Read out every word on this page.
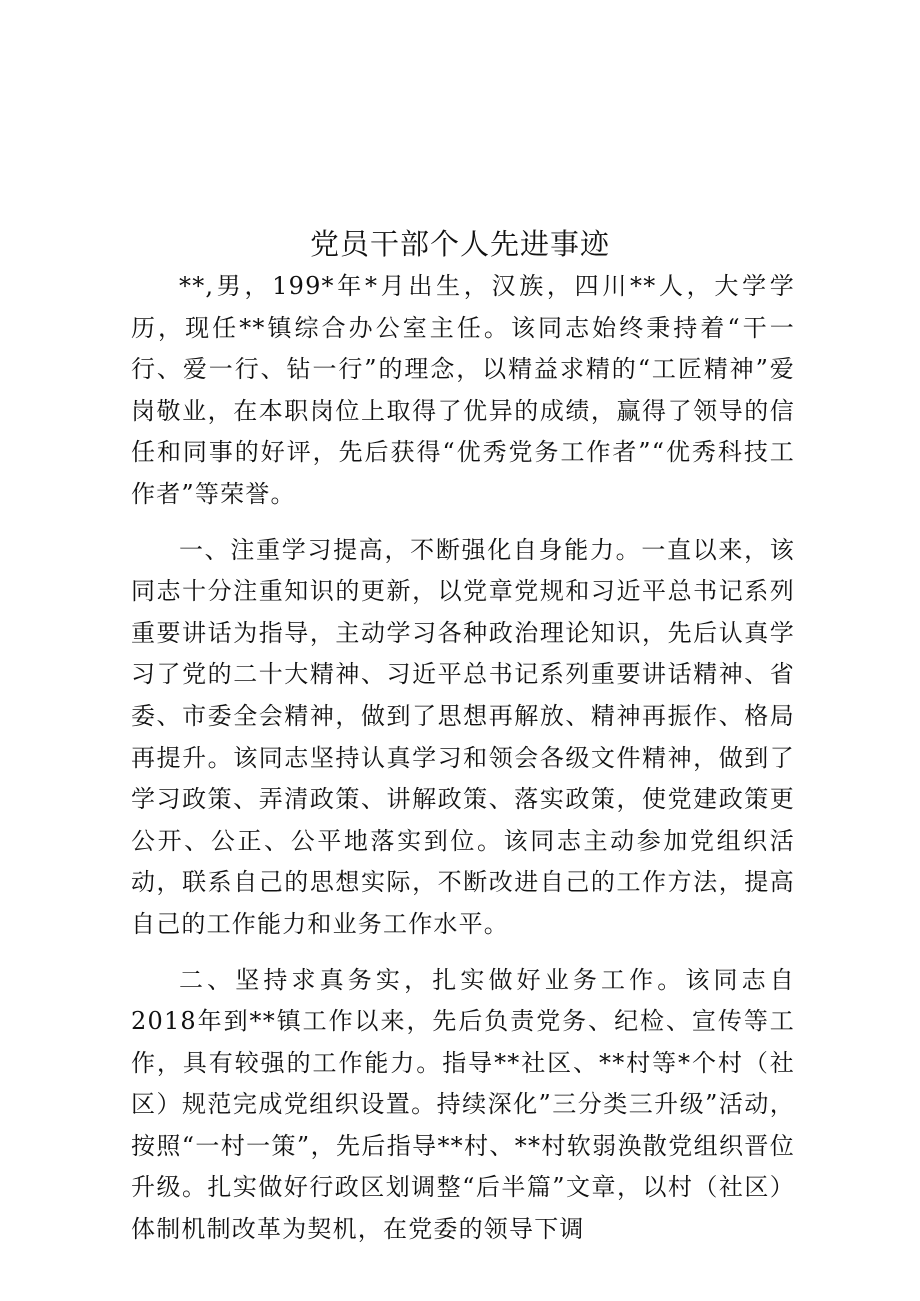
党员干部个人先进事迹

**,男，199*年*月出生，汉族，四川**人，大学学历，现任**镇综合办公室主任。该同志始终秉持着“干一行、爱一行、钻一行”的理念，以精益求精的“工匠精神”爱岗敬业，在本职岗位上取得了优异的成绩，赢得了领导的信任和同事的好评，先后获得“优秀党务工作者”“优秀科技工作者”等荣誉。

一、注重学习提高，不断强化自身能力。一直以来，该同志十分注重知识的更新，以党章党规和习近平总书记系列重要讲话为指导，主动学习各种政治理论知识，先后认真学习了党的二十大精神、习近平总书记系列重要讲话精神、省委、市委全会精神，做到了思想再解放、精神再振作、格局再提升。该同志坚持认真学习和领会各级文件精神，做到了学习政策、弄清政策、讲解政策、落实政策，使党建政策更公开、公正、公平地落实到位。该同志主动参加党组织活动，联系自己的思想实际，不断改进自己的工作方法，提高自己的工作能力和业务工作水平。

二、坚持求真务实，扎实做好业务工作。该同志自2018年到**镇工作以来，先后负责党务、纪检、宣传等工作，具有较强的工作能力。指导**社区、**村等*个村（社区）规范完成党组织设置。持续深化”三分类三升级”活动，按照“一村一策”，先后指导**村、**村软弱涣散党组织晋位升级。扎实做好行政区划调整“后半篇”文章，以村（社区）体制机制改革为契机，在党委的领导下调
